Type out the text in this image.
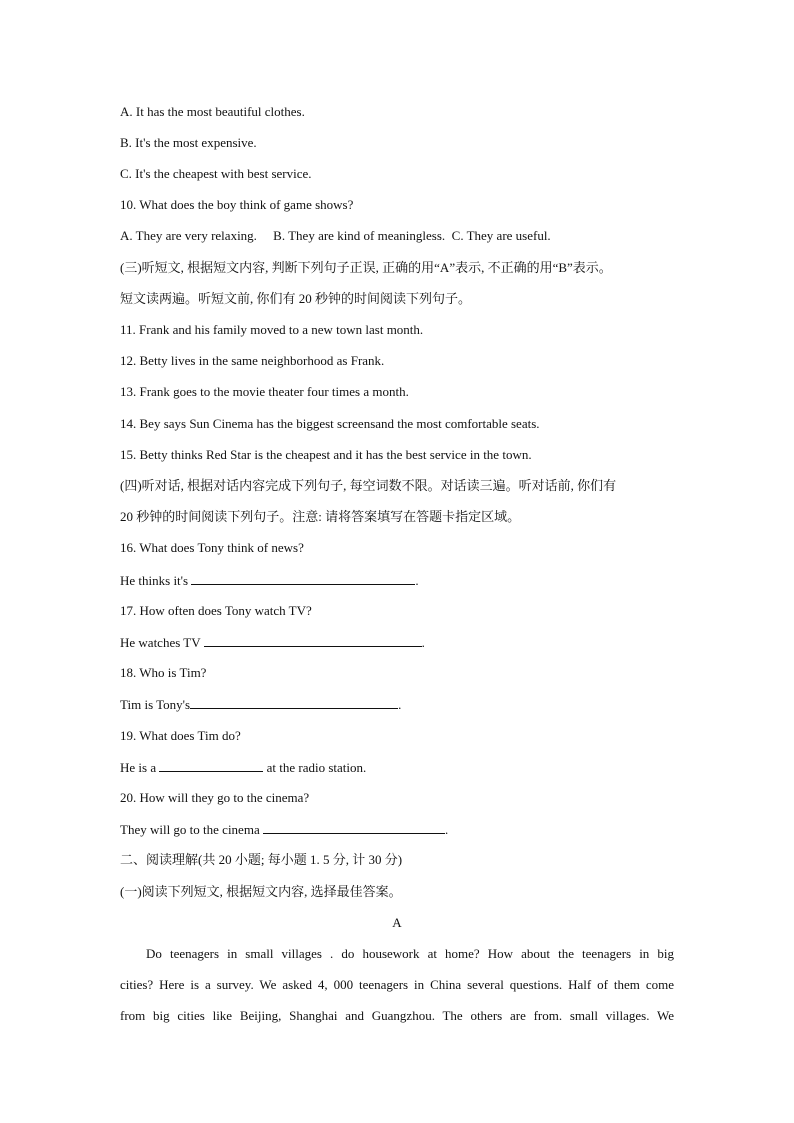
A. It has the most beautiful clothes.
B. It's the most expensive.
C. It's the cheapest with best service.
10. What does the boy think of game shows?
A. They are very relaxing.     B. They are kind of meaningless.  C. They are useful.
(三)听短文, 根据短文内容, 判断下列句子正误, 正确的用“A”表示, 不正确的用“B”表示。
短文读两遍。听短文前, 你们有 20 秒钟的时间阅读下列句子。
11. Frank and his family moved to a new town last month.
12. Betty lives in the same neighborhood as Frank.
13. Frank goes to the movie theater four times a month.
14. Bey says Sun Cinema has the biggest screensand the most comfortable seats.
15. Betty thinks Red Star is the cheapest and it has the best service in the town.
(四)听对话, 根据对话内容完成下列句子, 每空词数不限。对话读三遍。听对话前, 你们有
20 秒钟的时间阅读下列句子。注意: 请将答案填写在答题卡指定区域。
16. What does Tony think of news?
He thinks it's	.
17. How often does Tony watch TV?
He watches TV	.
18. Who is Tim?
Tim is Tony's	.
19. What does Tim do?
He is a	at the radio station.
20. How will they go to the cinema?
They will go to the cinema	.
二、阅读理解(共 20 小题; 每小题 1. 5 分, 计 30 分)
(一)阅读下列短文, 根据短文内容, 选择最佳答案。
A
Do teenagers in small villages . do housework at home? How about the teenagers in big
cities? Here is a survey. We asked 4, 000 teenagers in China several questions. Half of them come
from big cities like Beijing, Shanghai and Guangzhou. The others are from. small villages. We
